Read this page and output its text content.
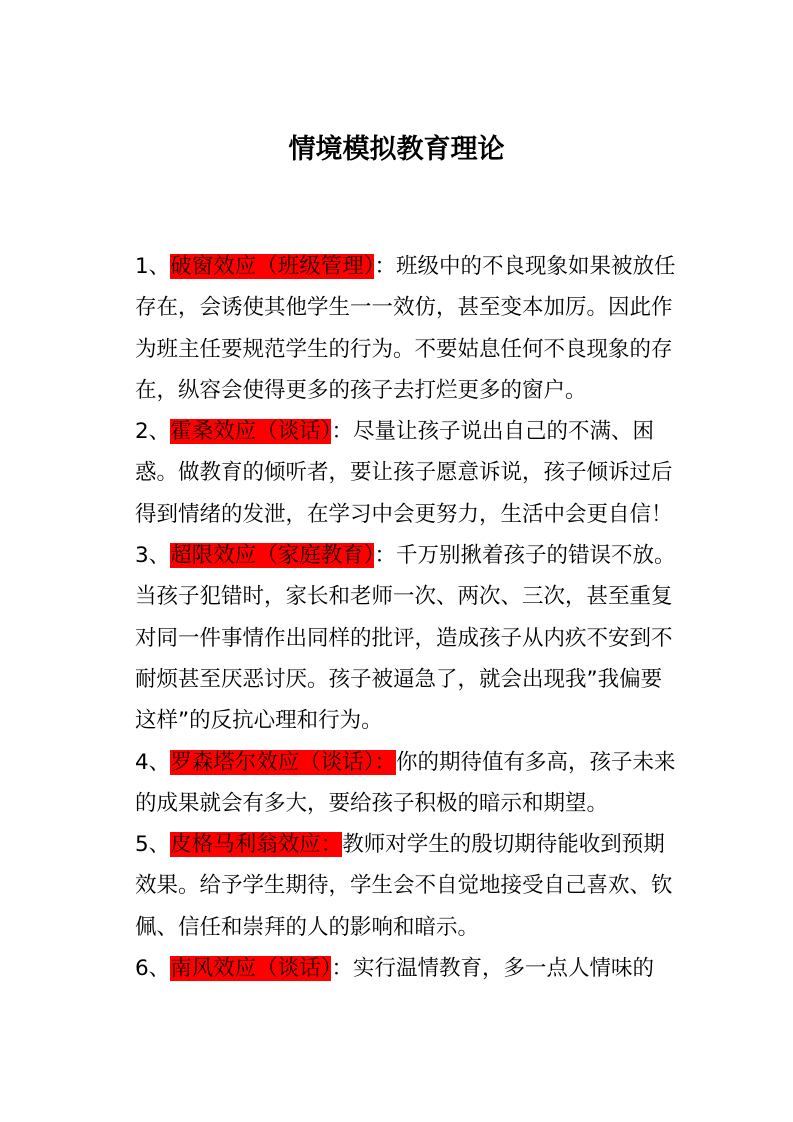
情境模拟教育理论

1、破窗效应（班级管理）：班级中的不良现象如果被放任存在，会诱使其他学生一一效仿，甚至变本加厉。因此作为班主任要规范学生的行为。不要姑息任何不良现象的存在，纵容会使得更多的孩子去打烂更多的窗户。

2、霍桑效应（谈话）：尽量让孩子说出自己的不满、困惑。做教育的倾听者，要让孩子愿意诉说，孩子倾诉过后得到情绪的发泄，在学习中会更努力，生活中会更自信！

3、超限效应（家庭教育）：千万别揪着孩子的错误不放。当孩子犯错时，家长和老师一次、两次、三次，甚至重复对同一件事情作出同样的批评，造成孩子从内疚不安到不耐烦甚至厌恶讨厌。孩子被逼急了，就会出现我”我偏要这样”的反抗心理和行为。

4、罗森塔尔效应（谈话）：你的期待值有多高，孩子未来的成果就会有多大，要给孩子积极的暗示和期望。

5、皮格马利翁效应：教师对学生的殷切期待能收到预期效果。给予学生期待，学生会不自觉地接受自己喜欢、钦佩、信任和崇拜的人的影响和暗示。

6、南风效应（谈话）：实行温情教育，多一点人情味的
